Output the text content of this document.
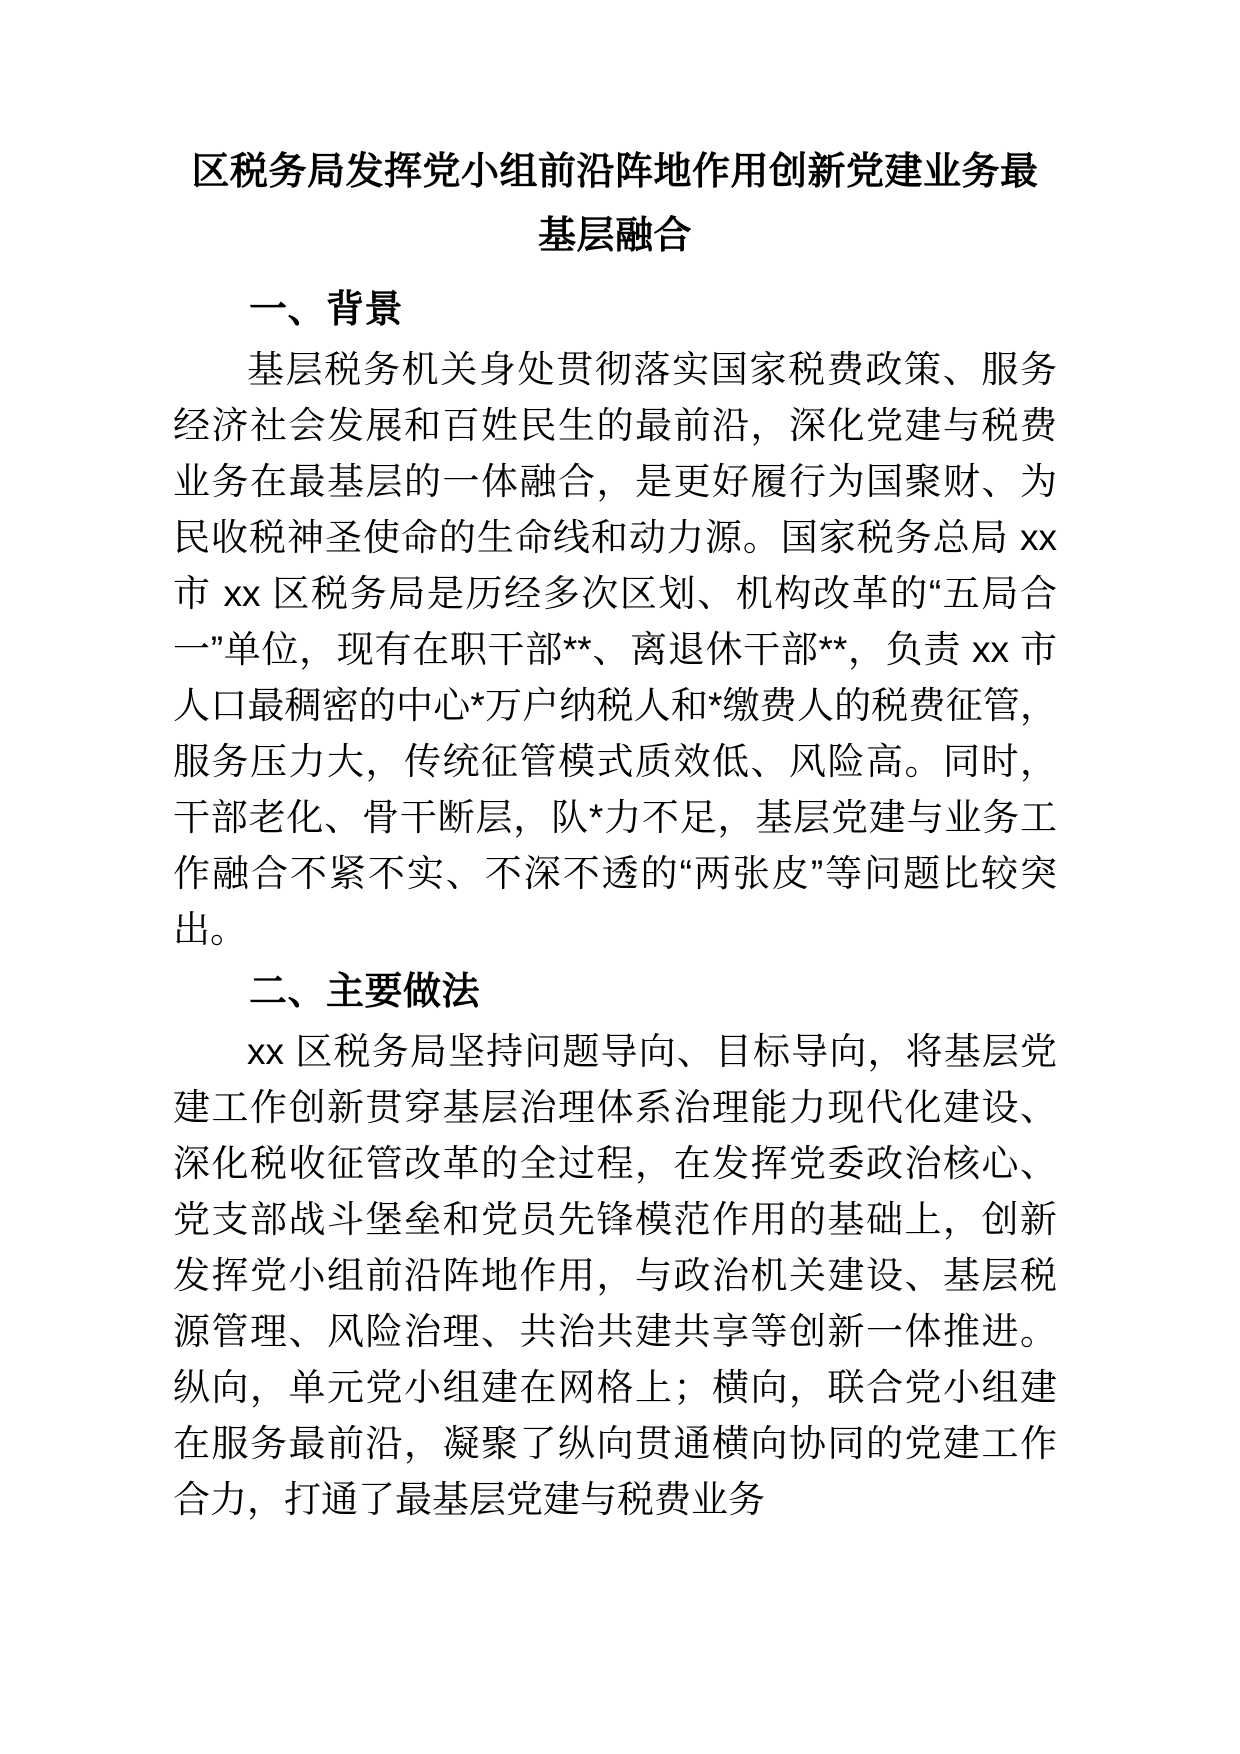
区税务局发挥党小组前沿阵地作用创新党建业务最基层融合
一、背景

基层税务机关身处贯彻落实国家税费政策、服务经济社会发展和百姓民生的最前沿，深化党建与税费业务在最基层的一体融合，是更好履行为国聚财、为民收税神圣使命的生命线和动力源。国家税务总局 xx 市 xx 区税务局是历经多次区划、机构改革的“五局合一”单位，现有在职干部**、离退休干部**，负责 xx 市人口最稠密的中心*万户纳税人和*缴费人的税费征管，服务压力大，传统征管模式质效低、风险高。同时，干部老化、骨干断层，队*力不足，基层党建与业务工作融合不紧不实、不深不透的“两张皮”等问题比较突出。

二、主要做法

xx 区税务局坚持问题导向、目标导向，将基层党建工作创新贯穿基层治理体系治理能力现代化建设、深化税收征管改革的全过程，在发挥党委政治核心、党支部战斗堡垒和党员先锋模范作用的基础上，创新发挥党小组前沿阵地作用，与政治机关建设、基层税源管理、风险治理、共治共建共享等创新一体推进。纵向，单元党小组建在网格上；横向，联合党小组建在服务最前沿，凝聚了纵向贯通横向协同的党建工作合力，打通了最基层党建与税费业务
